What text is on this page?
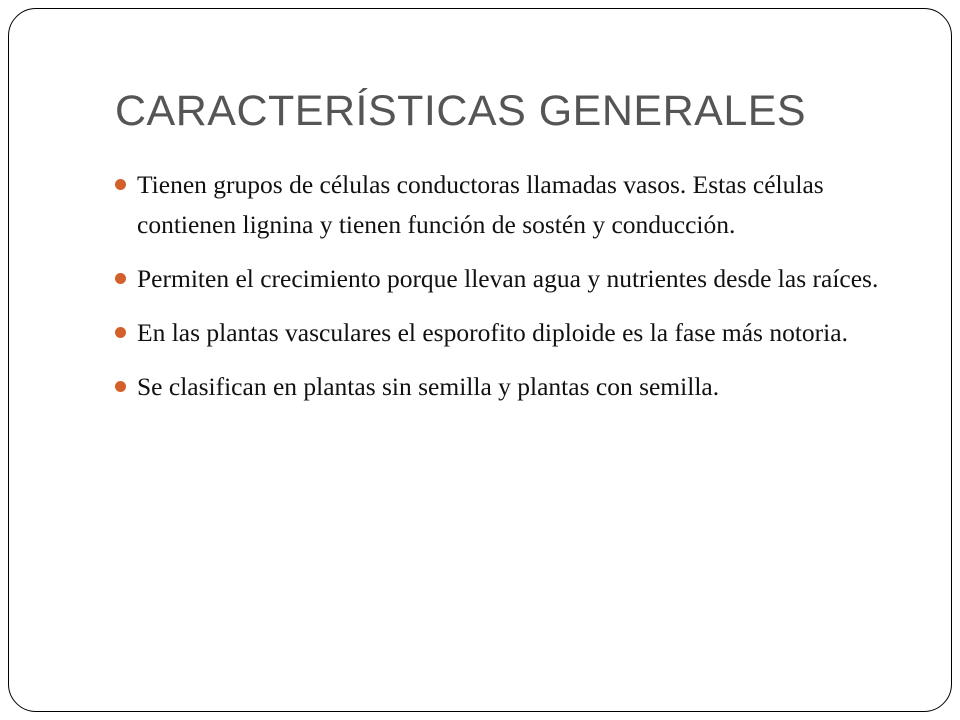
CARACTERÍSTICAS GENERALES
Tienen grupos de células conductoras llamadas vasos. Estas células contienen lignina y tienen función de sostén y conducción.
Permiten el crecimiento porque llevan agua y nutrientes desde las raíces.
En las plantas vasculares el esporofito diploide es la fase más notoria.
Se clasifican en plantas sin semilla y plantas con semilla.
